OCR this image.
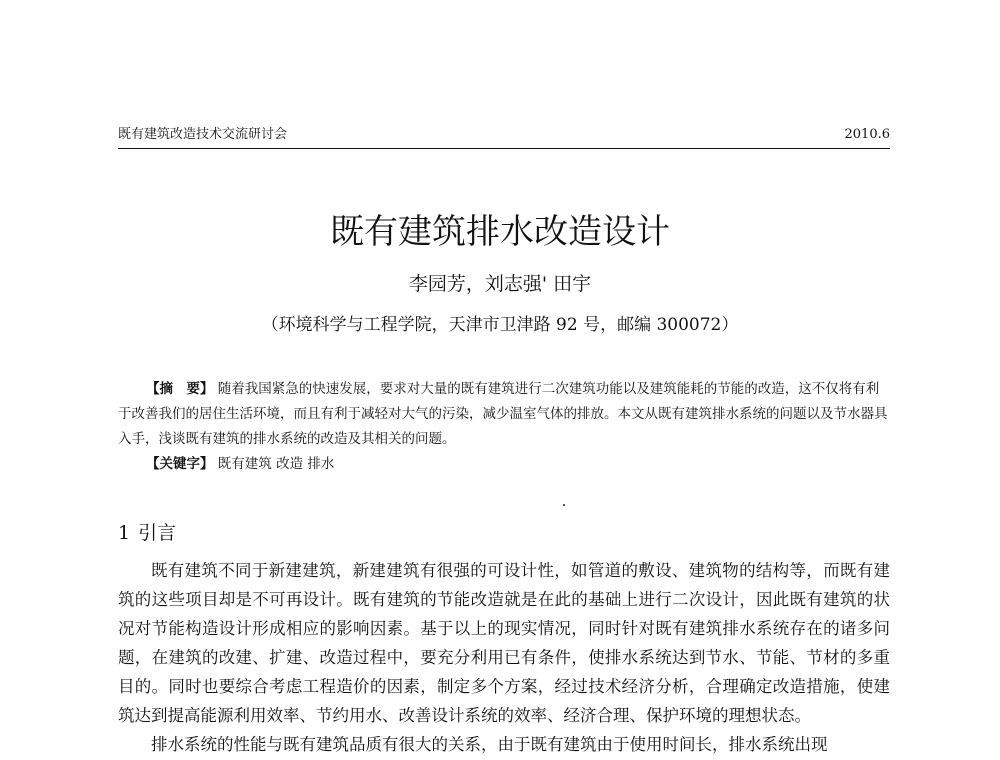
既有建筑改造技术交流研讨会	2010.6
既有建筑排水改造设计
李园芳，刘志强' 田宇
（环境科学与工程学院，天津市卫津路 92 号，邮编 300072）

【摘　要】 随着我国紧急的快速发展，要求对大量的既有建筑进行二次建筑功能以及建筑能耗的节能的改造，这不仅将有利于改善我们的居住生活环境，而且有利于减轻对大气的污染，减少温室气体的排放。本文从既有建筑排水系统的问题以及节水器具入手，浅谈既有建筑的排水系统的改造及其相关的问题。

【关键字】 既有建筑 改造 排水

1 引言

既有建筑不同于新建建筑，新建建筑有很强的可设计性，如管道的敷设、建筑物的结构等，而既有建筑的这些项目却是不可再设计。既有建筑的节能改造就是在此的基础上进行二次设计，因此既有建筑的状况对节能构造设计形成相应的影响因素。基于以上的现实情况，同时针对既有建筑排水系统存在的诸多问题，在建筑的改建、扩建、改造过程中，要充分利用已有条件，使排水系统达到节水、节能、节材的多重目的。同时也要综合考虑工程造价的因素，制定多个方案，经过技术经济分析，合理确定改造措施，使建筑达到提高能源利用效率、节约用水、改善设计系统的效率、经济合理、保护环境的理想状态。

排水系统的性能与既有建筑品质有很大的关系，由于既有建筑由于使用时间长，排水系统出现
